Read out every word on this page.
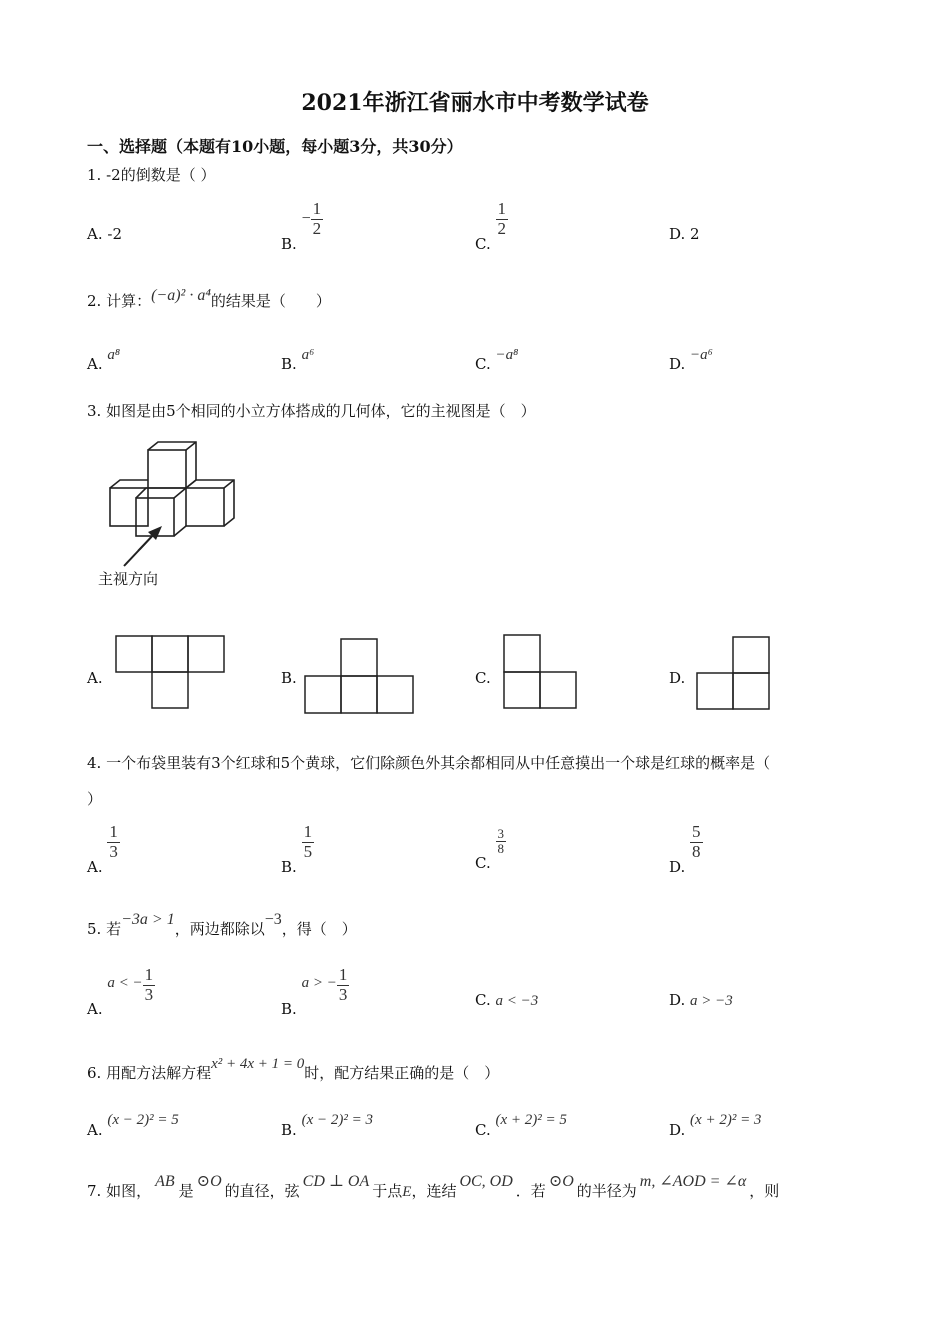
2021年浙江省丽水市中考数学试卷
一、选择题（本题有10小题，每小题3分，共30分）
1. -2的倒数是（ ）
A. -2
B. − $\frac{1}{2}$
C.
$\frac{1}{2}$	D. 2
2. 计算：(−a)² · a⁴的结果是（　　）
A. a⁸	B. a⁶	C. −a⁸	D. −a⁶
3. 如图是由5个相同的小立方体搭成的几何体，它的主视图是（　）
主视方向
A.	B.	C.	D.
4. 一个布袋里装有3个红球和5个黄球，它们除颜色外其余都相同从中任意摸出一个球是红球的概率是（
）
A.
$\frac{1}{3}$
B.
$\frac{1}{5}$
C.
$\frac{3}{8}$
D.
$\frac{5}{8}$
5. 若−3a > 1，两边都除以−3，得（　）
A. a < − $\frac{1}{3}$
B. a > − $\frac{1}{3}$	C. a < −3	D. a > −3
6. 用配方法解方程x² + 4x + 1 = 0时，配方结果正确的是（　）
A. (x − 2)² = 5
B. (x − 2)² = 3
C. (x + 2)² = 5
D. (x + 2)² = 3
7. 如图，AB是⊙O的直径，弦CD ⊥ OA于点E，连结OC, OD．若⊙O的半径为m, ∠AOD = ∠α，则
